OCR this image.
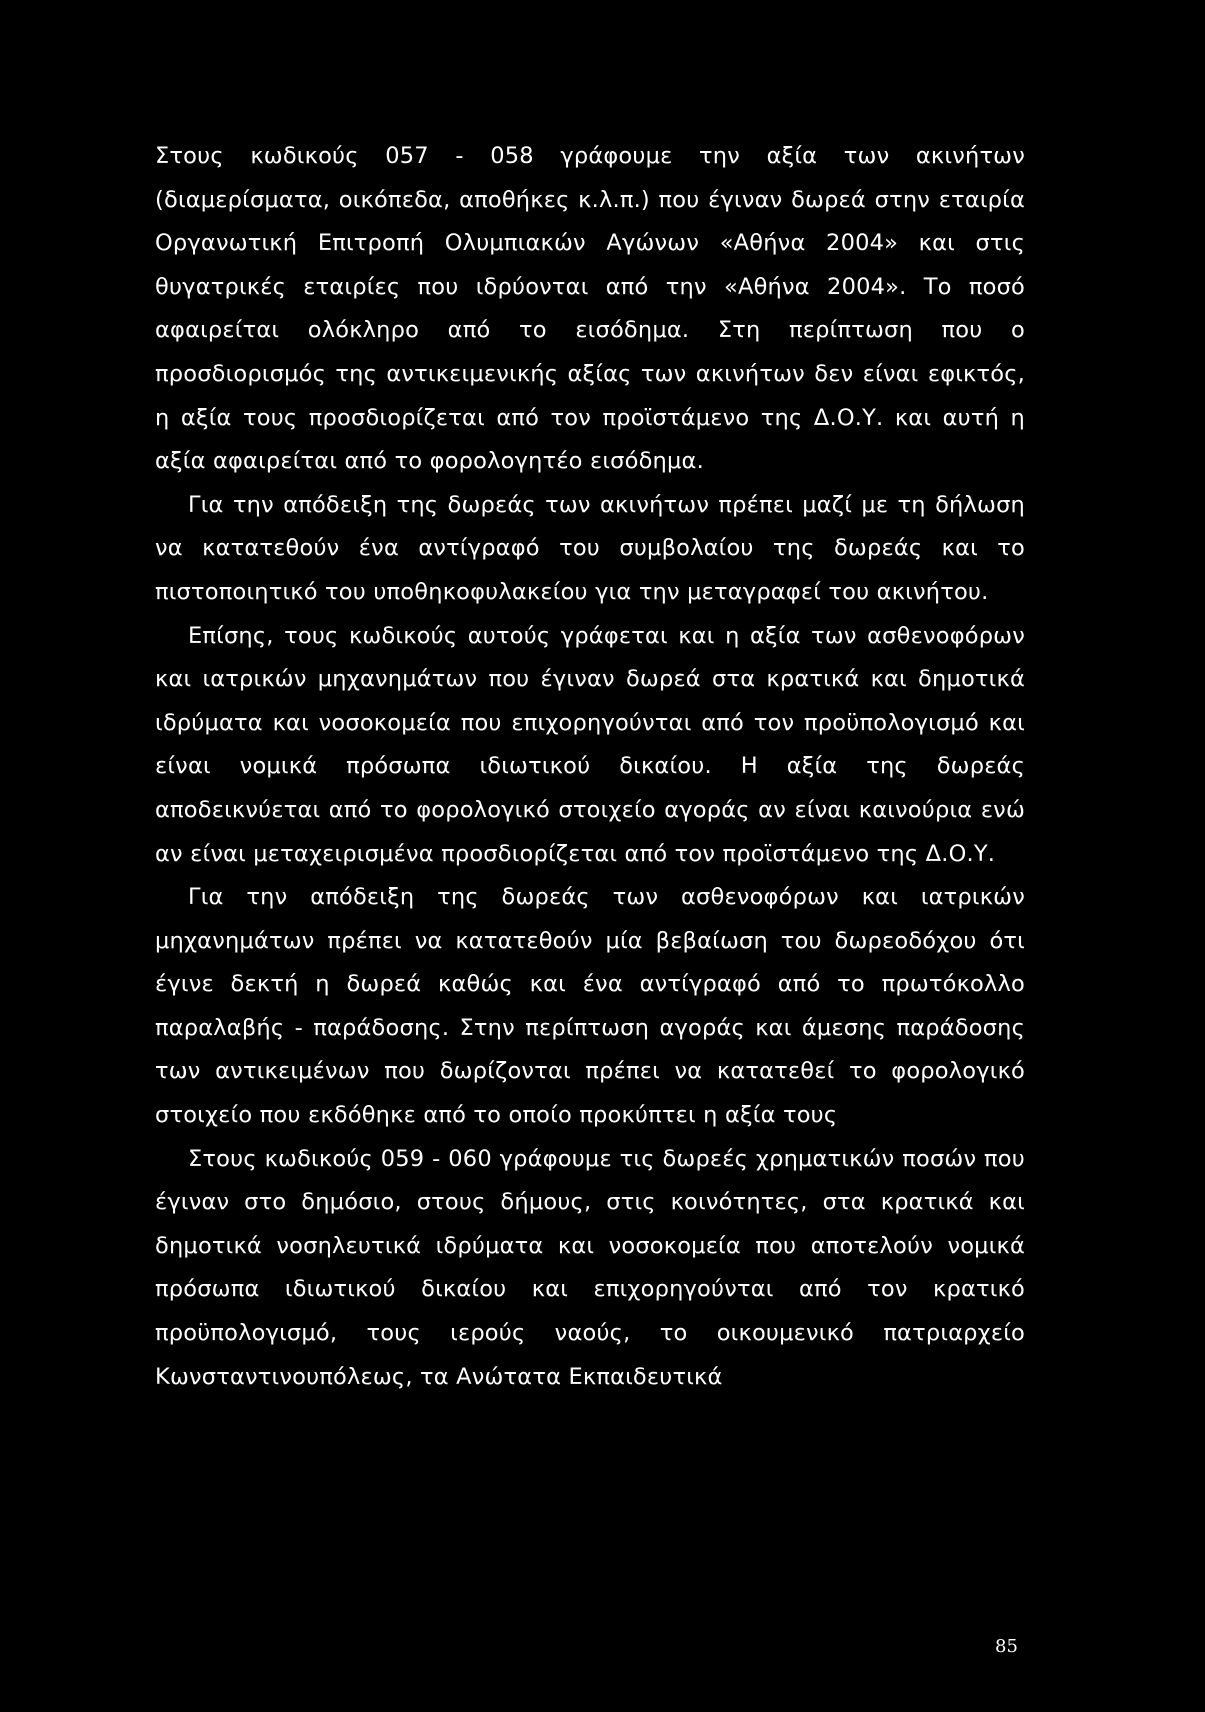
Στους κωδικούς 057 - 058 γράφουμε την αξία των ακινήτων (διαμερίσματα, οικόπεδα, αποθήκες κ.λ.π.) που έγιναν δωρεά στην εταιρία Οργανωτική Επιτροπή Ολυμπιακών Αγώνων «Αθήνα 2004» και στις θυγατρικές εταιρίες που ιδρύονται από την «Αθήνα 2004». Το ποσό αφαιρείται ολόκληρο από το εισόδημα. Στη περίπτωση που ο προσδιορισμός της αντικειμενικής αξίας των ακινήτων δεν είναι εφικτός, η αξία τους προσδιορίζεται από τον προϊστάμενο της Δ.Ο.Υ. και αυτή η αξία αφαιρείται από το φορολογητέο εισόδημα.

Για την απόδειξη της δωρεάς των ακινήτων πρέπει μαζί με τη δήλωση να κατατεθούν ένα αντίγραφό του συμβολαίου της δωρεάς και το πιστοποιητικό του υποθηκοφυλακείου για την μεταγραφεί του ακινήτου.

Επίσης, τους κωδικούς αυτούς γράφεται και η αξία των ασθενοφόρων και ιατρικών μηχανημάτων που έγιναν δωρεά στα κρατικά και δημοτικά ιδρύματα και νοσοκομεία που επιχορηγούνται από τον προϋπολογισμό και είναι νομικά πρόσωπα ιδιωτικού δικαίου. Η αξία της δωρεάς αποδεικνύεται από το φορολογικό στοιχείο αγοράς αν είναι καινούρια ενώ αν είναι μεταχειρισμένα προσδιορίζεται από τον προϊστάμενο της Δ.Ο.Υ.

Για την απόδειξη της δωρεάς των ασθενοφόρων και ιατρικών μηχανημάτων πρέπει να κατατεθούν μία βεβαίωση του δωρεοδόχου ότι έγινε δεκτή η δωρεά καθώς και ένα αντίγραφό από το πρωτόκολλο παραλαβής - παράδοσης. Στην περίπτωση αγοράς και άμεσης παράδοσης των αντικειμένων που δωρίζονται πρέπει να κατατεθεί το φορολογικό στοιχείο που εκδόθηκε από το οποίο προκύπτει η αξία τους

Στους κωδικούς 059 - 060 γράφουμε τις δωρεές χρηματικών ποσών που έγιναν στο δημόσιο, στους δήμους, στις κοινότητες, στα κρατικά και δημοτικά νοσηλευτικά ιδρύματα και νοσοκομεία που αποτελούν νομικά πρόσωπα ιδιωτικού δικαίου και επιχορηγούνται από τον κρατικό προϋπολογισμό, τους ιερούς ναούς, το οικουμενικό πατριαρχείο Κωνσταντινουπόλεως, τα Ανώτατα Εκπαιδευτικά

85
